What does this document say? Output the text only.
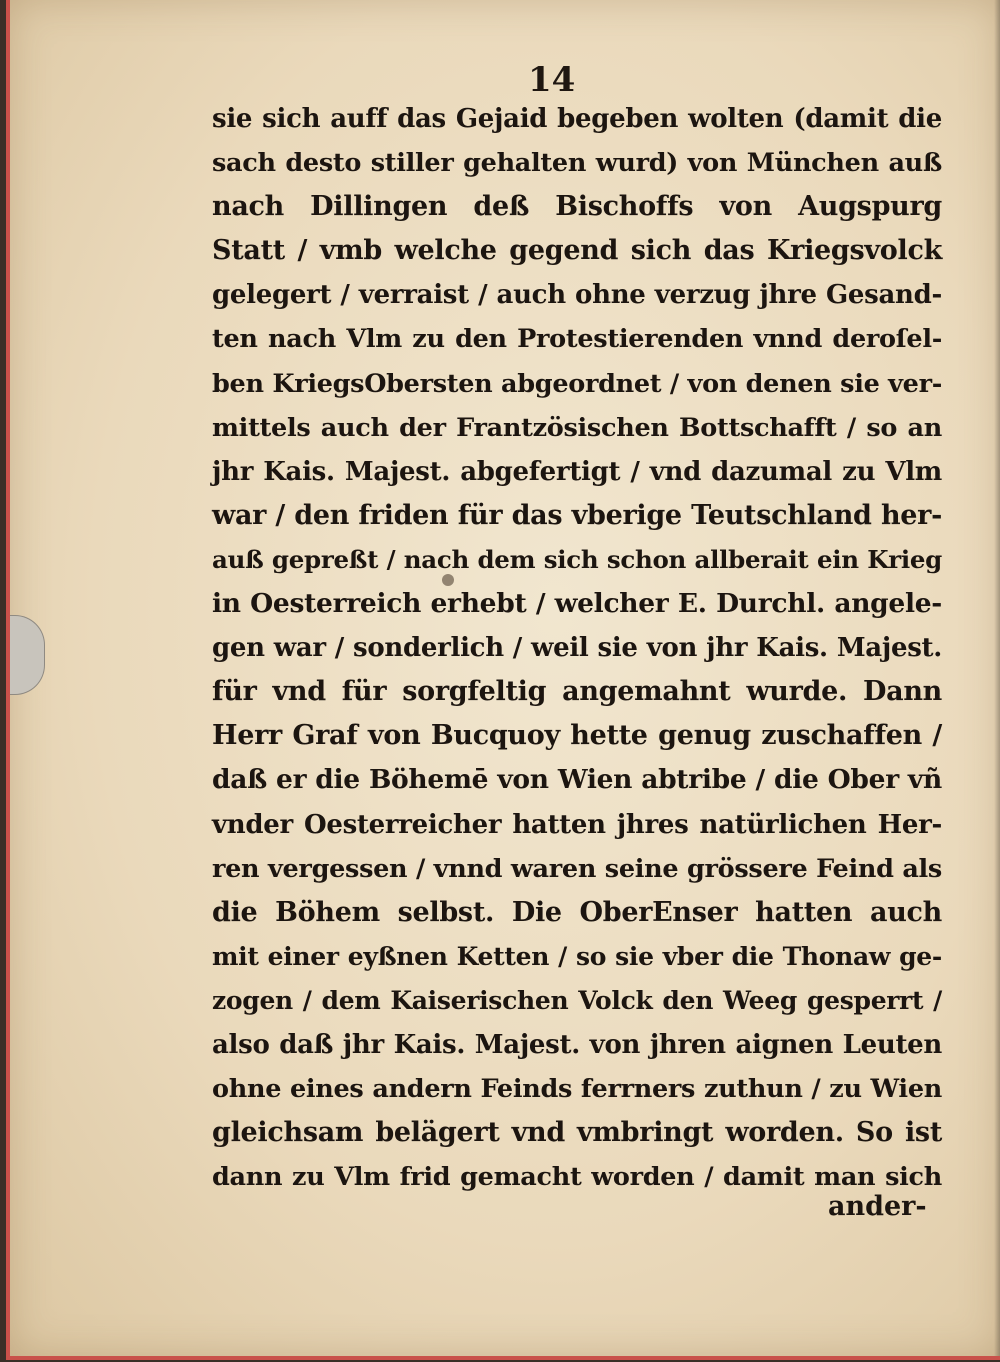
14
sie sich auff das Gejaid begeben wolten (damit die
sach desto stiller gehalten wurd) von München auß
nach Dillingen deß Bischoffs von Augspurg
Statt / vmb welche gegend sich das Kriegsvolck
gelegert / verraist / auch ohne verzug jhre Gesand-
ten nach Vlm zu den Protestierenden vnnd deroſel-
ben KriegsObersten abgeordnet / von denen sie ver-
mittels auch der Frantzösischen Bottschafft / so an
jhr Kais. Majest. abgefertigt / vnd dazumal zu Vlm
war / den friden für das vberige Teutschland her-
auß gepreßt / nach dem sich schon allberait ein Krieg
in Oesterreich erhebt / welcher E. Durchl. angele-
gen war / sonderlich / weil sie von jhr Kais. Majest.
für vnd für sorgfeltig angemahnt wurde. Dann
Herr Graf von Bucquoy hette genug zuschaffen /
daß er die Böhemē von Wien abtribe / die Ober vñ
vnder Oesterreicher hatten jhres natürlichen Her-
ren vergessen / vnnd waren seine grössere Feind als
die Böhem selbst. Die OberEnser hatten auch
mit einer eyßnen Ketten / so sie vber die Thonaw ge-
zogen / dem Kaiserischen Volck den Weeg gesperrt /
also daß jhr Kais. Majest. von jhren aignen Leuten
ohne eines andern Feinds ferrners zuthun / zu Wien
gleichsam belägert vnd vmbringt worden. So ist
dann zu Vlm frid gemacht worden / damit man sich
ander-
